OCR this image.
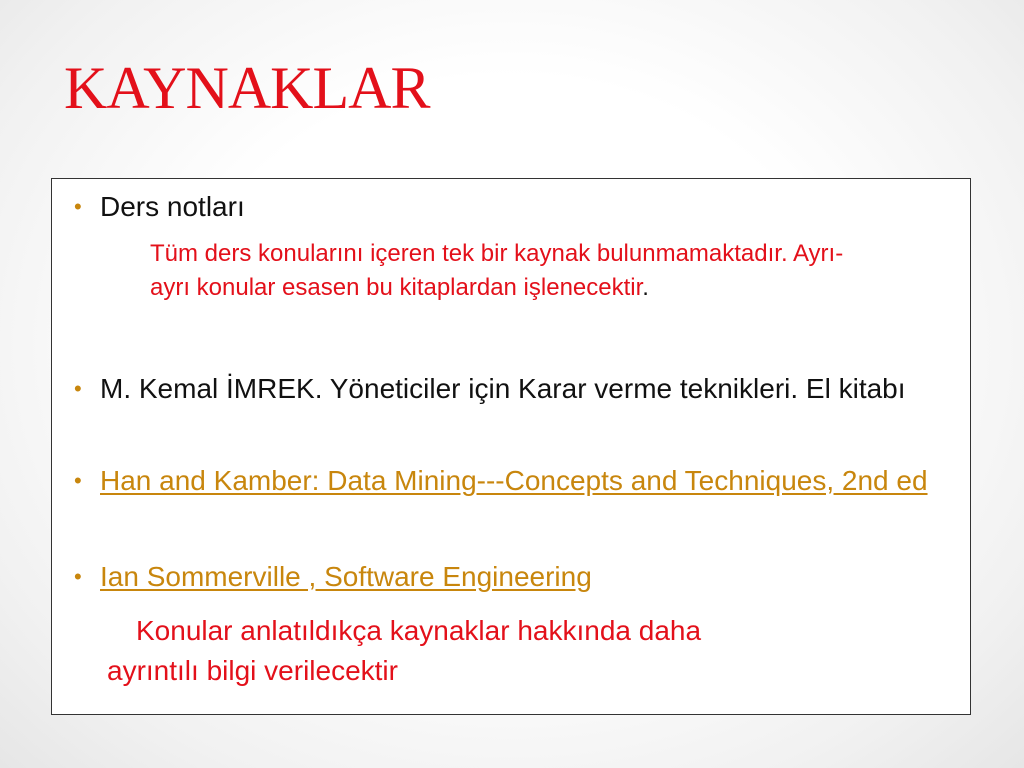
KAYNAKLAR
• Ders notları
Tüm ders konularını içeren tek bir kaynak bulunmamaktadır. Ayrı-ayrı konular esasen bu kitaplardan işlenecektir.
• M. Kemal İMREK. Yöneticiler için Karar verme teknikleri. El kitabı
• Han and Kamber: Data Mining---Concepts and Techniques, 2nd ed
• Ian Sommerville , Software Engineering
Konular anlatıldıkça kaynaklar hakkında daha
ayrıntılı bilgi verilecektir
